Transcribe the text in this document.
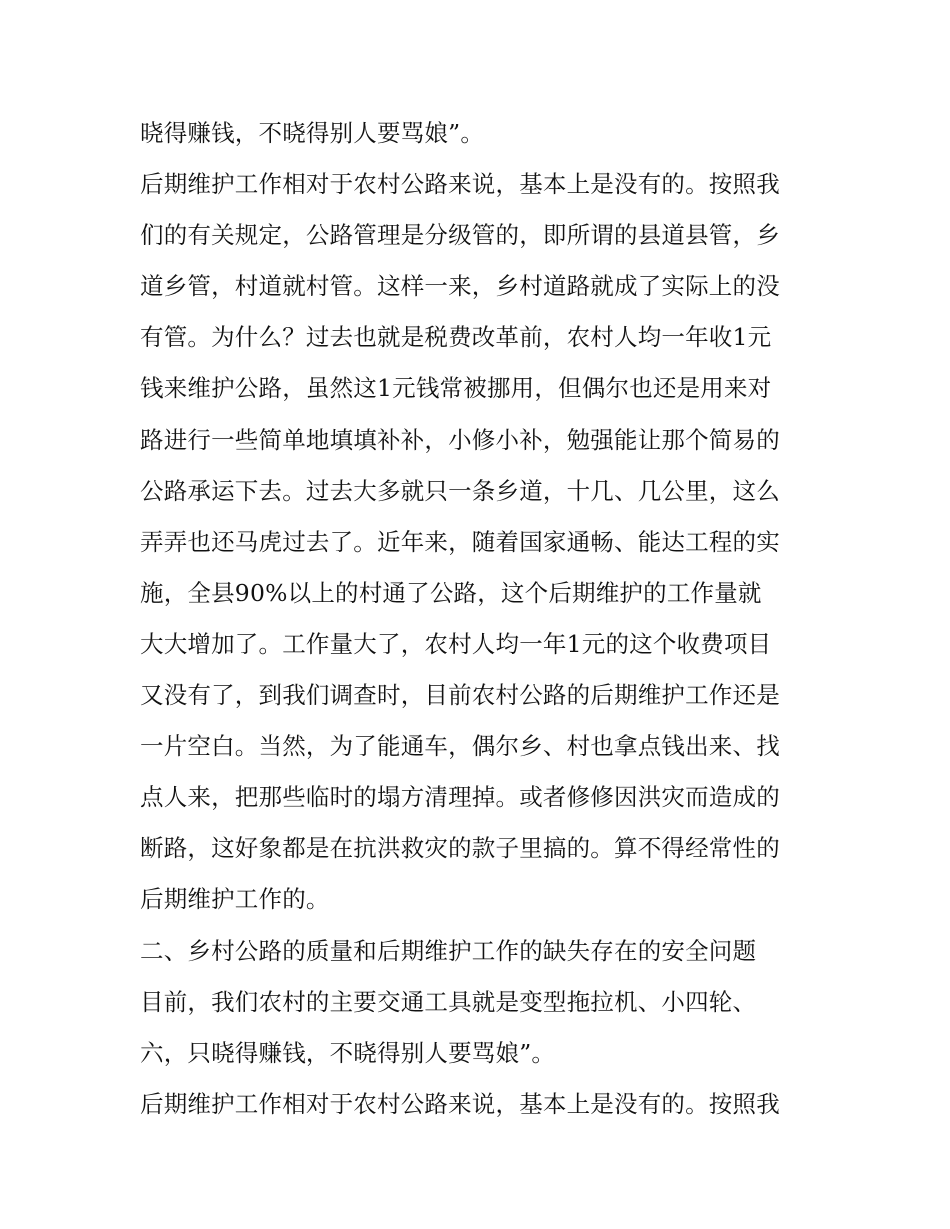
晓得赚钱，不晓得别人要骂娘”。
后期维护工作相对于农村公路来说，基本上是没有的。按照我
们的有关规定，公路管理是分级管的，即所谓的县道县管，乡
道乡管，村道就村管。这样一来，乡村道路就成了实际上的没
有管。为什么？过去也就是税费改革前，农村人均一年收1元
钱来维护公路，虽然这1元钱常被挪用，但偶尔也还是用来对
路进行一些简单地填填补补，小修小补，勉强能让那个简易的
公路承运下去。过去大多就只一条乡道，十几、几公里，这么
弄弄也还马虎过去了。近年来，随着国家通畅、能达工程的实
施，全县90%以上的村通了公路，这个后期维护的工作量就
大大增加了。工作量大了，农村人均一年1元的这个收费项目
又没有了，到我们调查时，目前农村公路的后期维护工作还是
一片空白。当然，为了能通车，偶尔乡、村也拿点钱出来、找
点人来，把那些临时的塌方清理掉。或者修修因洪灾而造成的
断路，这好象都是在抗洪救灾的款子里搞的。算不得经常性的
后期维护工作的。
二、乡村公路的质量和后期维护工作的缺失存在的安全问题
目前，我们农村的主要交通工具就是变型拖拉机、小四轮、
六，只晓得赚钱，不晓得别人要骂娘”。
后期维护工作相对于农村公路来说，基本上是没有的。按照我
